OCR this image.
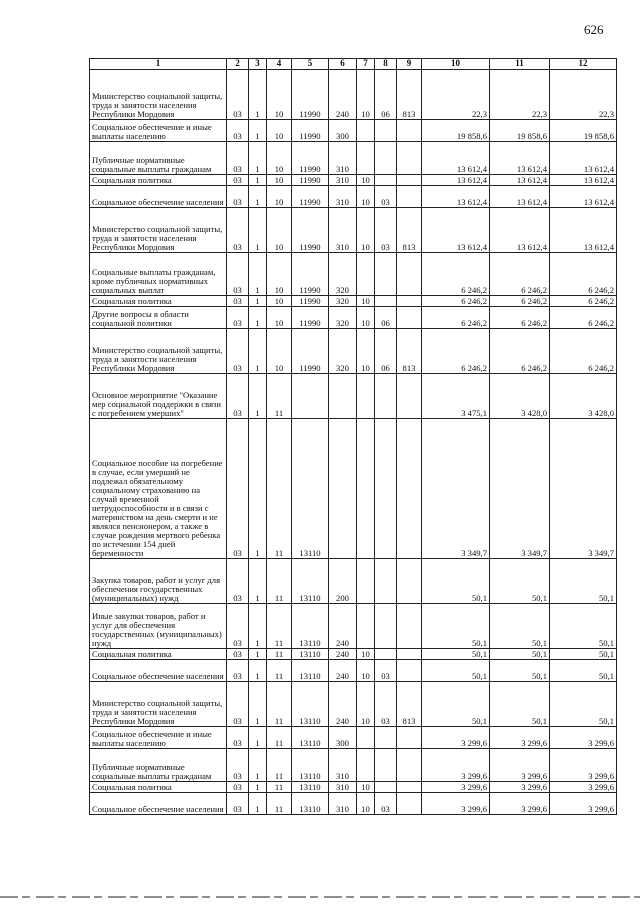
626
1	2	3	4	5	6	7	8	9	10	11	12
Министерство социальной защиты, труда и занятости населения Республики Мордовия	03	1	10	11990	240	10	06	813	22,3	22,3	22,3
Социальное обеспечение и иные выплаты населению	03	1	10	11990	300				19 858,6	19 858,6	19 858,6
Публичные нормативные социальные выплаты гражданам	03	1	10	11990	310				13 612,4	13 612,4	13 612,4
Социальная политика	03	1	10	11990	310	10			13 612,4	13 612,4	13 612,4
Социальное обеспечение населения	03	1	10	11990	310	10	03		13 612,4	13 612,4	13 612,4
Министерство социальной защиты, труда и занятости населения Республики Мордовия	03	1	10	11990	310	10	03	813	13 612,4	13 612,4	13 612,4
Социальные выплаты гражданам, кроме публичных нормативных социальных выплат	03	1	10	11990	320				6 246,2	6 246,2	6 246,2
Социальная политика	03	1	10	11990	320	10			6 246,2	6 246,2	6 246,2
Другие вопросы в области социальной политики	03	1	10	11990	320	10	06		6 246,2	6 246,2	6 246,2
Министерство социальной защиты, труда и занятости населения Республики Мордовия	03	1	10	11990	320	10	06	813	6 246,2	6 246,2	6 246,2
Основное мероприятие "Оказание мер социальной поддержки в связи с погребением умерших"	03	1	11						3 475,1	3 428,0	3 428,0
Социальное пособие на погребение в случае, если умерший не подлежал обязательному социальному страхованию на случай временной нетрудоспособности и в связи с материнством на день смерти и не являлся пенсионером, а также в случае рождения мертвого ребенка по истечении 154 дней беременности	03	1	11	13110					3 349,7	3 349,7	3 349,7
Закупка товаров, работ и услуг для обеспечения государственных (муниципальных) нужд	03	1	11	13110	200				50,1	50,1	50,1
Иные закупки товаров, работ и услуг для обеспечения государственных (муниципальных) нужд	03	1	11	13110	240				50,1	50,1	50,1
Социальная политика	03	1	11	13110	240	10			50,1	50,1	50,1
Социальное обеспечение населения	03	1	11	13110	240	10	03		50,1	50,1	50,1
Министерство социальной защиты, труда и занятости населения Республики Мордовия	03	1	11	13110	240	10	03	813	50,1	50,1	50,1
Социальное обеспечение и иные выплаты населению	03	1	11	13110	300				3 299,6	3 299,6	3 299,6
Публичные нормативные социальные выплаты гражданам	03	1	11	13110	310				3 299,6	3 299,6	3 299,6
Социальная политика	03	1	11	13110	310	10			3 299,6	3 299,6	3 299,6
Социальное обеспечение населения	03	1	11	13110	310	10	03		3 299,6	3 299,6	3 299,6
